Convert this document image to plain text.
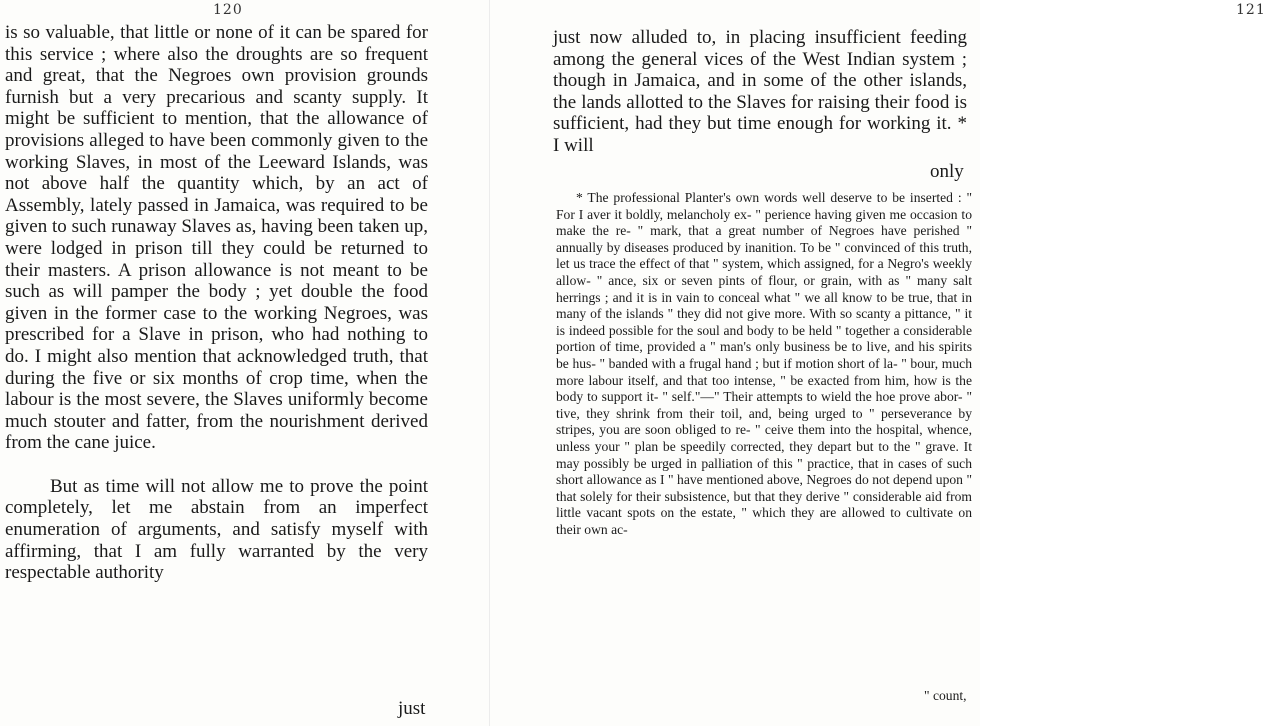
120

is so valuable, that little or none of it can be spared for this service ; where also the droughts are so frequent and great, that the Negroes own provision grounds furnish but a very precarious and scanty supply. It might be sufficient to mention, that the allowance of provisions alleged to have been commonly given to the working Slaves, in most of the Leeward Islands, was not above half the quantity which, by an act of Assembly, lately passed in Jamaica, was required to be given to such runaway Slaves as, having been taken up, were lodged in prison till they could be returned to their masters. A prison allowance is not meant to be such as will pamper the body ; yet double the food given in the former case to the working Negroes, was prescribed for a Slave in prison, who had nothing to do. I might also mention that acknowledged truth, that during the five or six months of crop time, when the labour is the most severe, the Slaves uniformly become much stouter and fatter, from the nourishment derived from the cane juice.

But as time will not allow me to prove the point completely, let me abstain from an imperfect enumeration of arguments, and satisfy myself with affirming, that I am fully warranted by the very respectable authority

just
121

just now alluded to, in placing insufficient feeding among the general vices of the West Indian system ; though in Jamaica, and in some of the other islands, the lands allotted to the Slaves for raising their food is sufficient, had they but time enough for working it. * I will

only

* The professional Planter's own words well deserve to be inserted : " For I aver it boldly, melancholy ex- " perience having given me occasion to make the re- " mark, that a great number of Negroes have perished " annually by diseases produced by inanition. To be " convinced of this truth, let us trace the effect of that " system, which assigned, for a Negro's weekly allow- " ance, six or seven pints of flour, or grain, with as " many salt herrings ; and it is in vain to conceal what " we all know to be true, that in many of the islands " they did not give more. With so scanty a pittance, " it is indeed possible for the soul and body to be held " together a considerable portion of time, provided a " man's only business be to live, and his spirits be hus- " banded with a frugal hand ; but if motion short of la- " bour, much more labour itself, and that too intense, " be exacted from him, how is the body to support it- " self."—" Their attempts to wield the hoe prove abor- " tive, they shrink from their toil, and, being urged to " perseverance by stripes, you are soon obliged to re- " ceive them into the hospital, whence, unless your " plan be speedily corrected, they depart but to the " grave. It may possibly be urged in palliation of this " practice, that in cases of such short allowance as I " have mentioned above, Negroes do not depend upon " that solely for their subsistence, but that they derive " considerable aid from little vacant spots on the estate, " which they are allowed to cultivate on their own ac-

" count,
